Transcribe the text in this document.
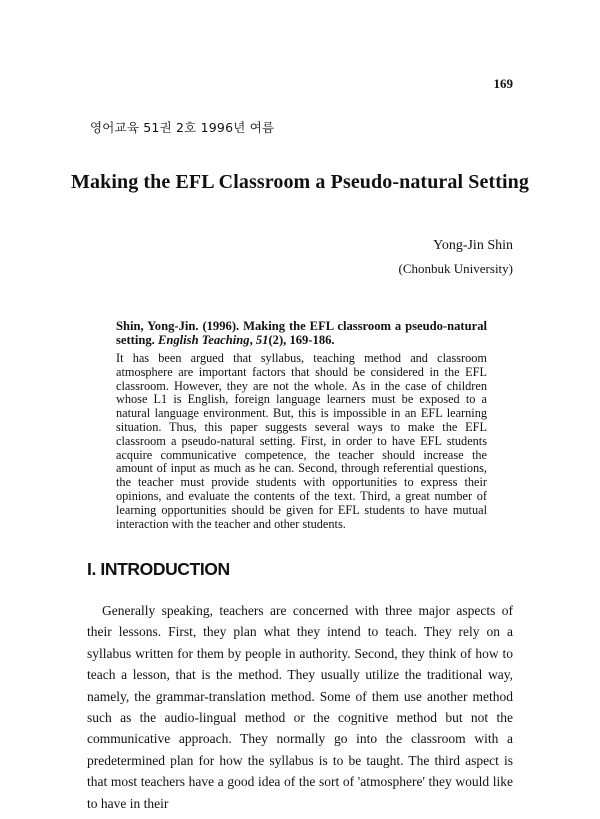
169
영어교육 51권 2호 1996년 여름
Making the EFL Classroom a Pseudo-natural Setting
Yong-Jin Shin
(Chonbuk University)

Shin, Yong-Jin. (1996). Making the EFL classroom a pseudo-natural setting. English Teaching, 51(2), 169-186.

It has been argued that syllabus, teaching method and classroom atmosphere are important factors that should be considered in the EFL classroom. However, they are not the whole. As in the case of children whose L1 is English, foreign language learners must be exposed to a natural language environment. But, this is impossible in an EFL learning situation. Thus, this paper suggests several ways to make the EFL classroom a pseudo-natural setting. First, in order to have EFL students acquire communicative competence, the teacher should increase the amount of input as much as he can. Second, through referential questions, the teacher must provide students with opportunities to express their opinions, and evaluate the contents of the text. Third, a great number of learning opportunities should be given for EFL students to have mutual interaction with the teacher and other students.

I. INTRODUCTION

Generally speaking, teachers are concerned with three major aspects of their lessons. First, they plan what they intend to teach. They rely on a syllabus written for them by people in authority. Second, they think of how to teach a lesson, that is the method. They usually utilize the traditional way, namely, the grammar-translation method. Some of them use another method such as the audio-lingual method or the cognitive method but not the communicative approach. They normally go into the classroom with a predetermined plan for how the syllabus is to be taught. The third aspect is that most teachers have a good idea of the sort of 'atmosphere' they would like to have in their
